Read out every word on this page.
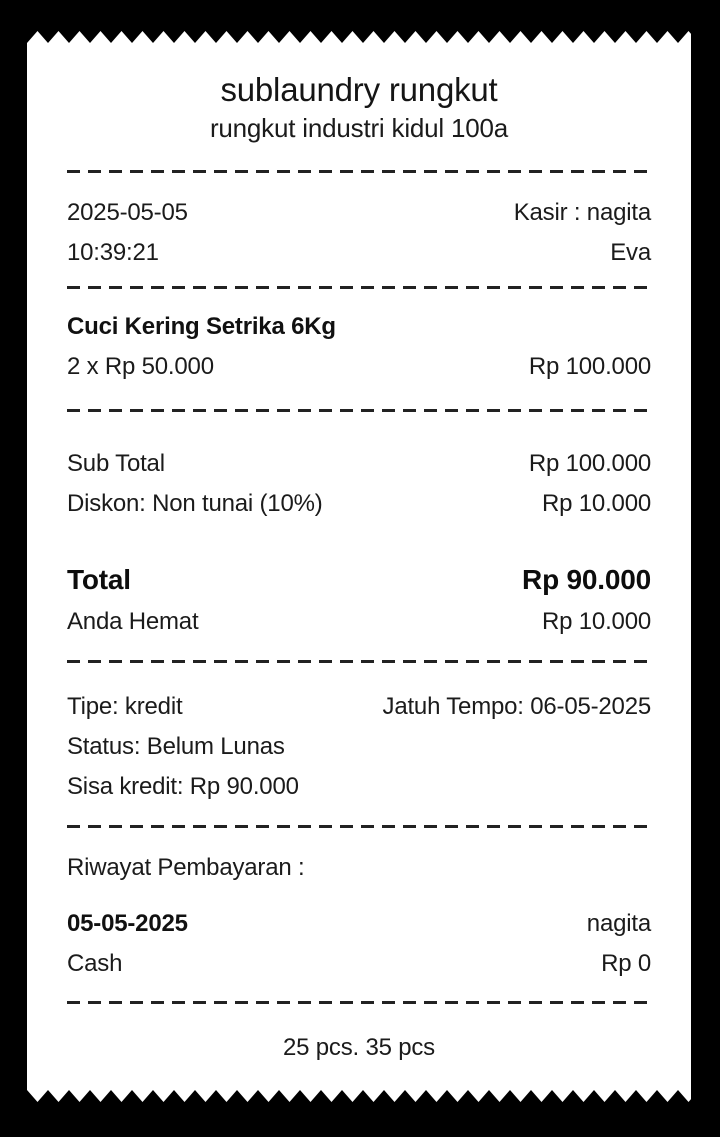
sublaundry rungkut
rungkut industri kidul 100a
2025-05-05	Kasir : nagita
10:39:21	Eva
Cuci Kering Setrika 6Kg
2 x Rp 50.000	Rp 100.000
Sub Total	Rp 100.000
Diskon: Non tunai (10%)	Rp 10.000
Total	Rp 90.000
Anda Hemat	Rp 10.000
Tipe: kredit	Jatuh Tempo: 06-05-2025
Status: Belum Lunas
Sisa kredit: Rp 90.000
Riwayat Pembayaran :
05-05-2025	nagita
Cash	Rp 0
25 pcs. 35 pcs
